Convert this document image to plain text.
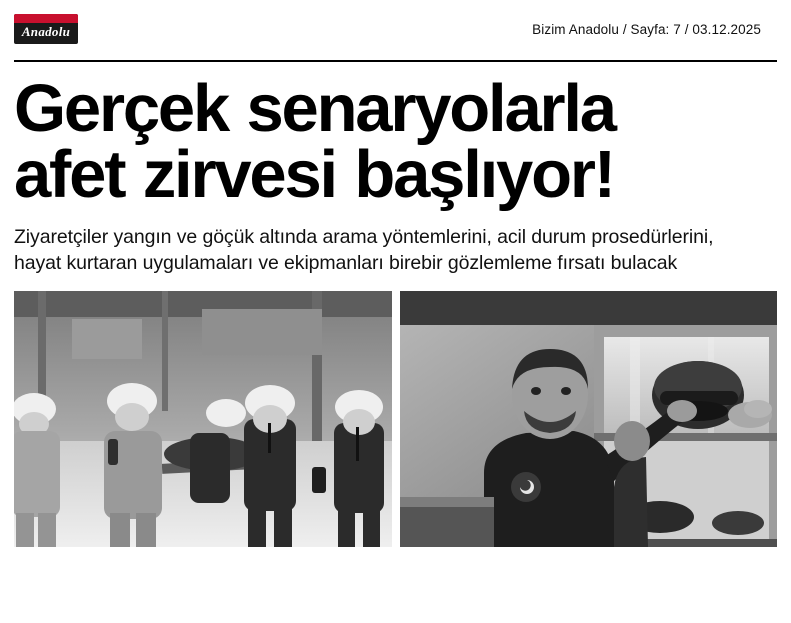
Anadolu	Bizim Anadolu / Sayfa: 7 / 03.12.2025
Gerçek senaryolarla
afet zirvesi başlıyor!
Ziyaretçiler yangın ve göçük altında arama yöntemlerini, acil durum prosedürlerini,
hayat kurtaran uygulamaları ve ekipmanları birebir gözlemleme fırsatı bulacak
